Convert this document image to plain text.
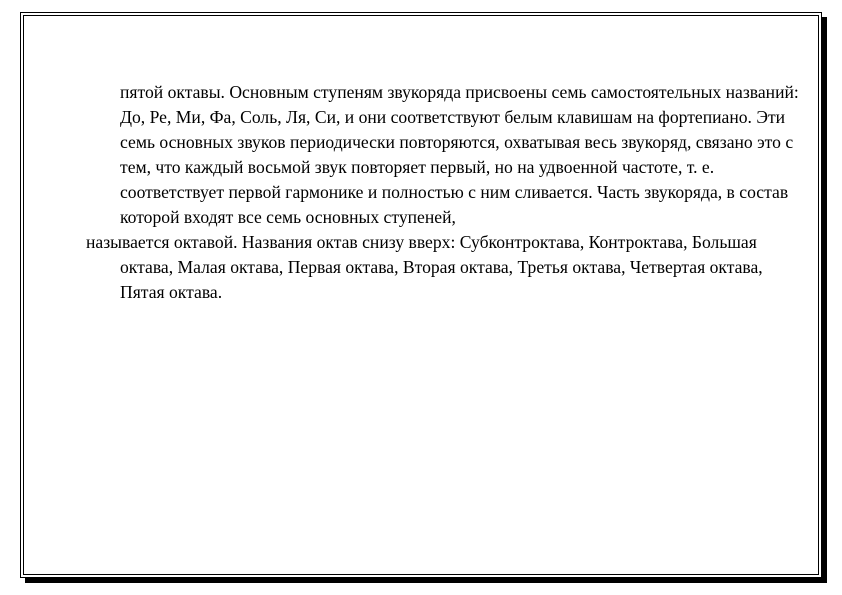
пятой октавы. Основным ступеням звукоряда присвоены семь самостоятельных названий: До, Ре, Ми, Фа, Соль, Ля, Си, и они соответствуют белым клавишам на фортепиано. Эти семь основных звуков периодически повторяются, охватывая весь звукоряд, связано это с тем, что каждый восьмой звук повторяет первый, но на удвоенной частоте, т. е. соответствует первой гармонике и полностью с ним сливается. Часть звукоряда, в состав которой входят все семь основных ступеней,

называется октавой. Названия октав снизу вверх: Субконтроктава, Контроктава, Большая октава, Малая октава, Первая октава, Вторая октава, Третья октава, Четвертая октава, Пятая октава.
